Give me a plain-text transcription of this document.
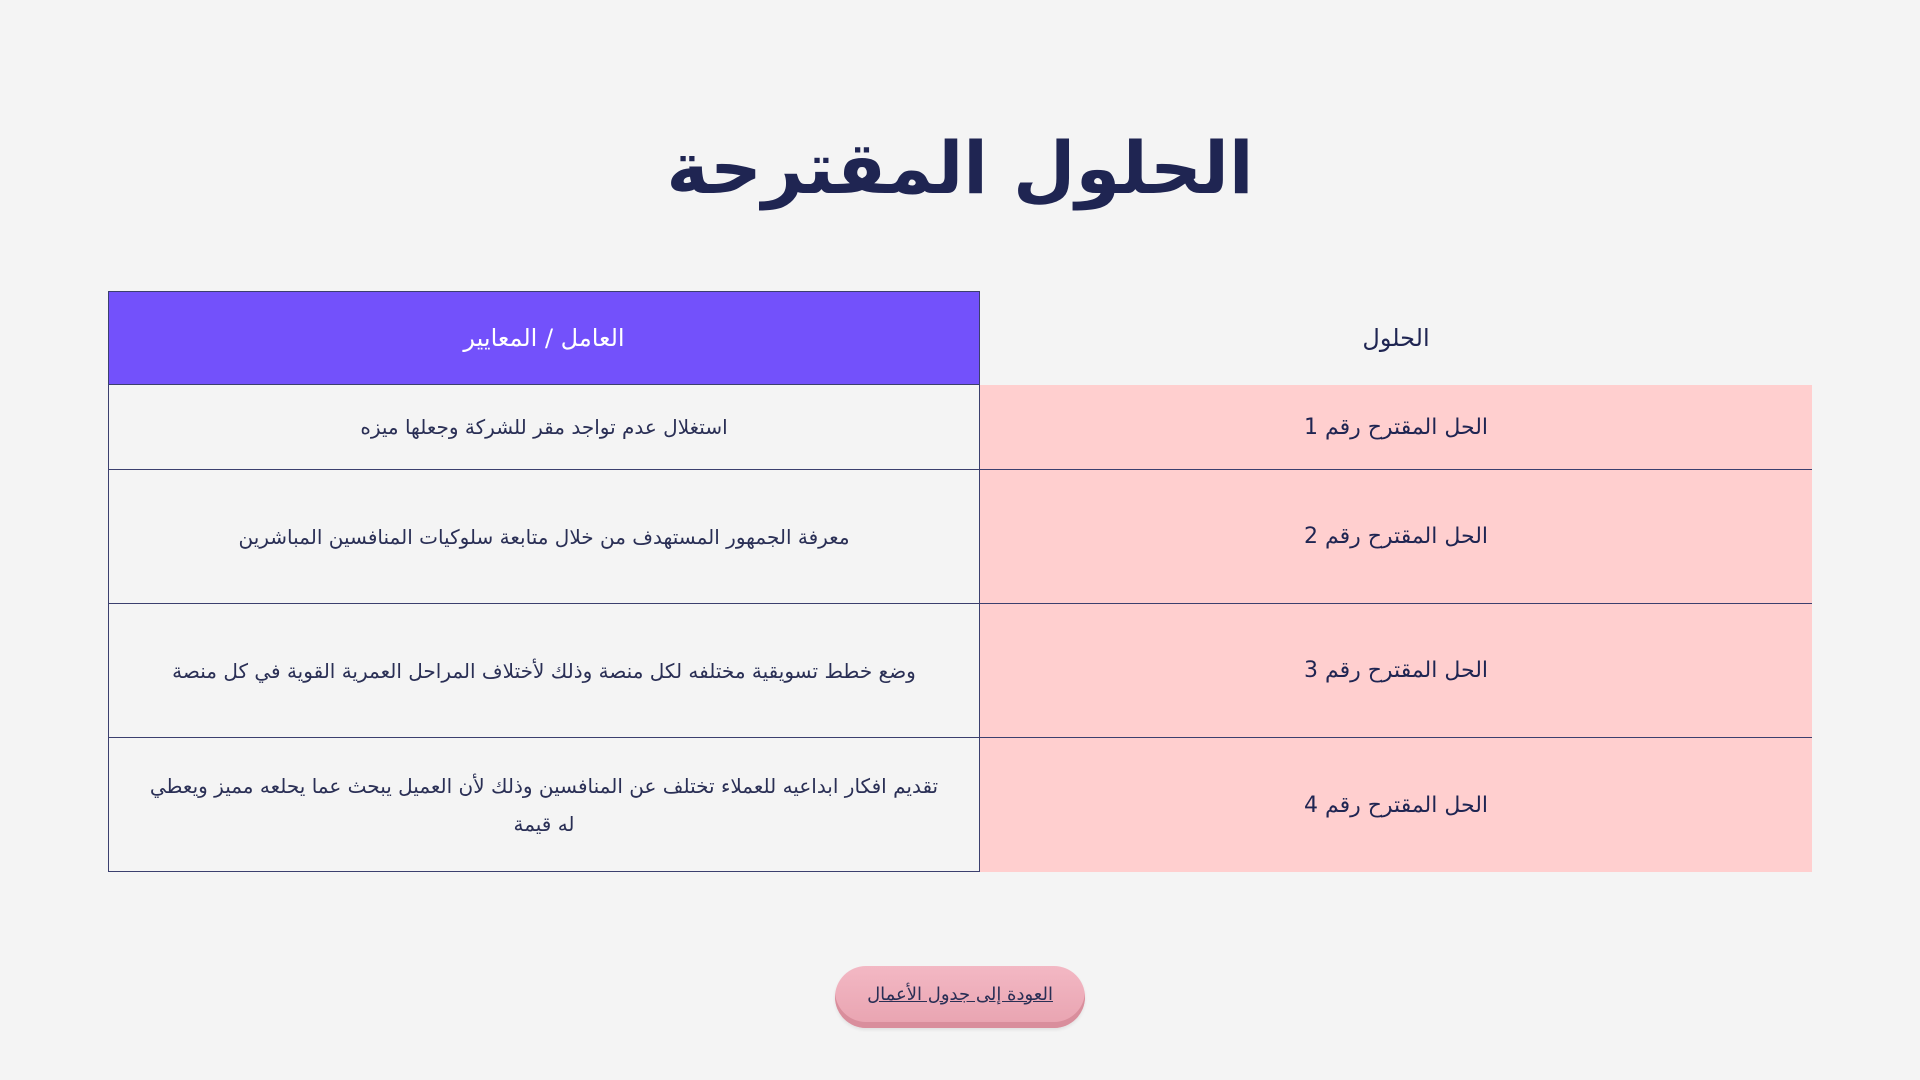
الحلول المقترحة
الحلول
العامل / المعايير
الحل المقترح رقم 1
استغلال عدم تواجد مقر للشركة وجعلها ميزه
الحل المقترح رقم 2
معرفة الجمهور المستهدف من خلال متابعة سلوكيات المنافسين المباشرين
الحل المقترح رقم 3
وضع خطط تسويقية مختلفه لكل منصة وذلك لأختلاف المراحل العمرية القوية في كل منصة
الحل المقترح رقم 4
تقديم افكار ابداعيه للعملاء تختلف عن المنافسين وذلك لأن العميل يبحث عما يحلعه مميز ويعطي له قيمة
العودة إلى جدول الأعمال
